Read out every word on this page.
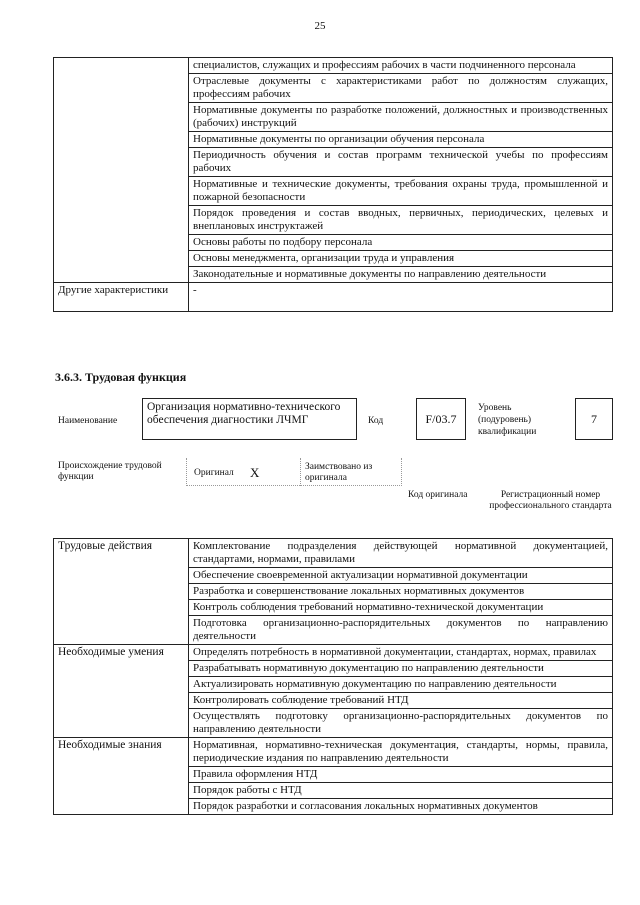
25
	специалистов, служащих и профессиям рабочих в части подчиненного персонала
	Отраслевые документы с характеристиками работ по должностям служащих, профессиям рабочих
	Нормативные документы по разработке положений, должностных и производственных (рабочих) инструкций
	Нормативные документы по организации обучения персонала
	Периодичность обучения и состав программ технической учебы по профессиям рабочих
	Нормативные и технические документы, требования охраны труда, промышленной и пожарной безопасности
	Порядок проведения и состав вводных, первичных, периодических, целевых и внеплановых инструктажей
	Основы работы по подбору персонала
	Основы менеджмента, организации труда и управления
	Законодательные и нормативные документы по направлению деятельности
Другие характеристики	-
3.6.3. Трудовая функция
Наименование
Организация нормативно-технического обеспечения диагностики ЛЧМГ	Код	F/03.7
Уровень (подуровень) квалификации
7
Происхождение трудовой функции	Оригинал X	Заимствовано из оригинала
Код оригинала	Регистрационный номер профессионального стандарта
Трудовые действия	Комплектование подразделения действующей нормативной документацией, стандартами, нормами, правилами
	Обеспечение своевременной актуализации нормативной документации
	Разработка и совершенствование локальных нормативных документов
	Контроль соблюдения требований нормативно-технической документации
	Подготовка организационно-распорядительных документов по направлению деятельности
Необходимые умения	Определять потребность в нормативной документации, стандартах, нормах, правилах
	Разрабатывать нормативную документацию по направлению деятельности
	Актуализировать нормативную документацию по направлению деятельности
	Контролировать соблюдение требований НТД
	Осуществлять подготовку организационно-распорядительных документов по направлению деятельности
Необходимые знания	Нормативная, нормативно-техническая документация, стандарты, нормы, правила, периодические издания по направлению деятельности
	Правила оформления НТД
	Порядок работы с НТД
	Порядок разработки и согласования локальных нормативных документов
